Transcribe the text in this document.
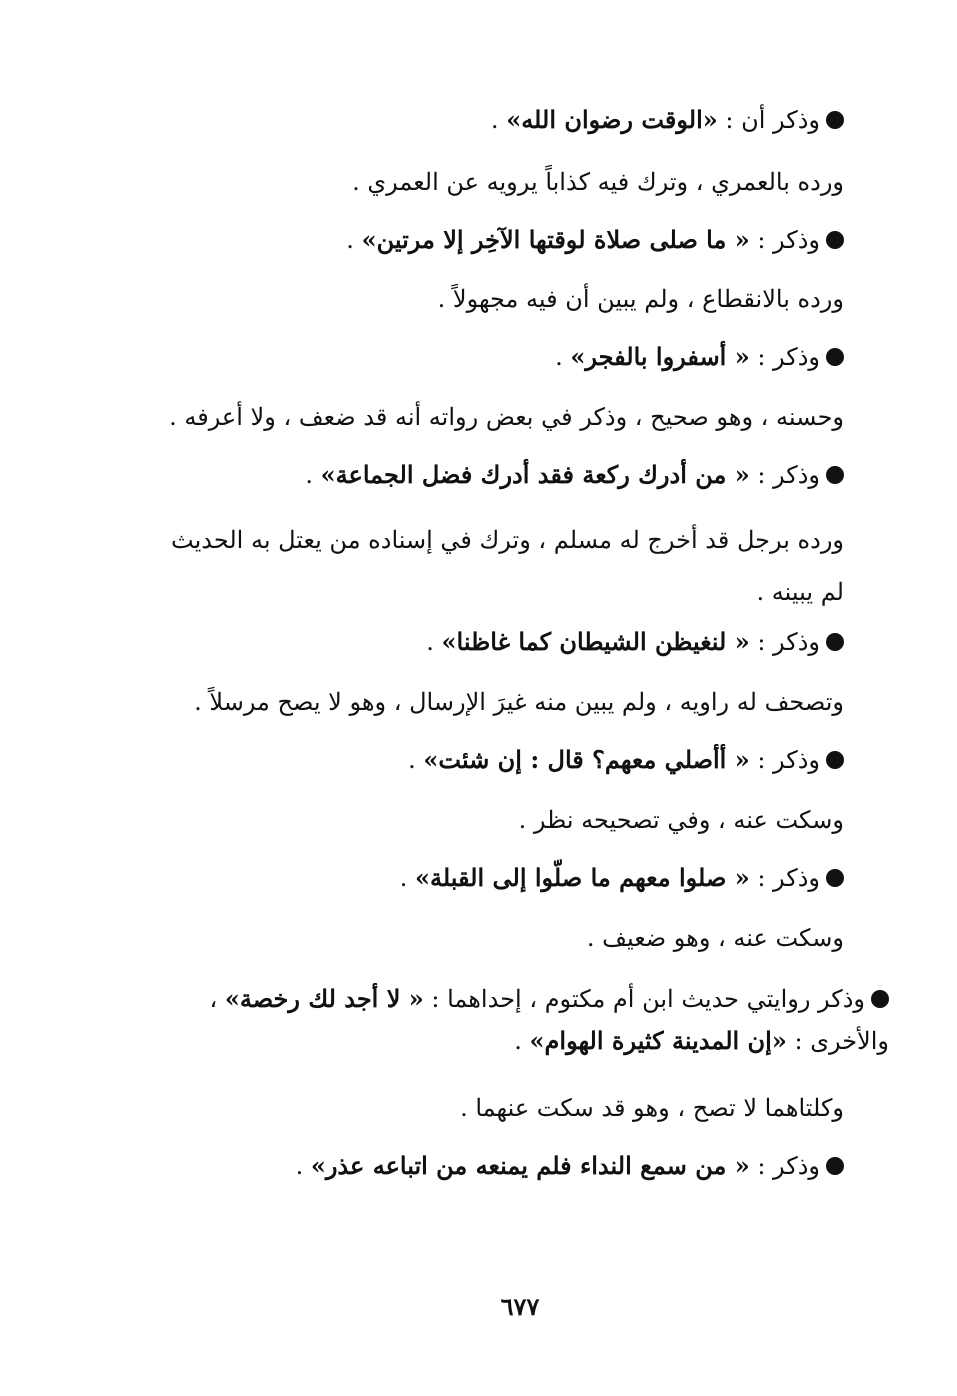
وذكر أن : «الوقت رضوان الله» .
ورده بالعمري ، وترك فيه كذاباً يرويه عن العمري .
وذكر : « ما صلى صلاة لوقتها الآخِر إلا مرتين» .
ورده بالانقطاع ، ولم يبين أن فيه مجهولاً .
وذكر : « أسفروا بالفجر» .
وحسنه ، وهو صحيح ، وذكر في بعض رواته أنه قد ضعف ، ولا أعرفه .
وذكر : « من أدرك ركعة فقد أدرك فضل الجماعة» .
ورده برجل قد أخرج له مسلم ، وترك في إسناده من يعتل به الحديث لم يبينه .
وذكر : « لنغيظن الشيطان كما غاظنا» .
وتصحف له راويه ، ولم يبين منه غيرَ الإرسال ، وهو لا يصح مرسلاً .
وذكر : « أأصلي معهم؟ قال : إن شئت» .
وسكت عنه ، وفي تصحيحه نظر .
وذكر : « صلوا معهم ما صلّوا إلى القبلة» .
وسكت عنه ، وهو ضعيف .
وذكر روايتي حديث ابن أم مكتوم ، إحداهما : « لا أجد لك رخصة» ، والأخرى : «إن المدينة كثيرة الهوام» .
وكلتاهما لا تصح ، وهو قد سكت عنهما .
وذكر : « من سمع النداء فلم يمنعه من اتباعه عذر» .
٦٧٧
